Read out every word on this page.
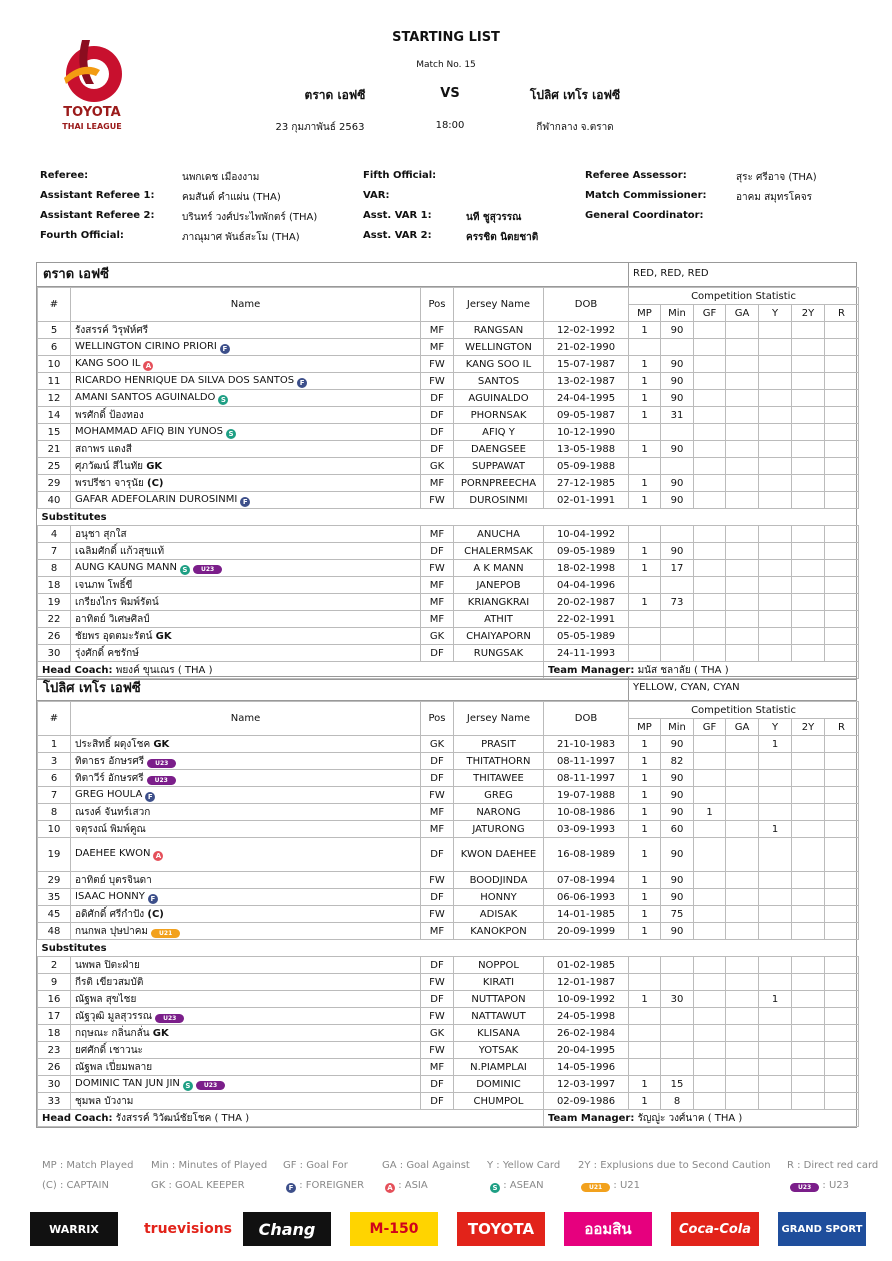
TOYOTA
THAI LEAGUE
STARTING LIST
Match No. 15
ตราด เอฟซี	VS	โปลิศ เทโร เอฟซี
23 กุมภาพันธ์ 2563	18:00	กีฬากลาง จ.ตราด
Referee:	นพกเดช เมืองงาม
Assistant Referee 1:	คมสันต์ คำแผ่น (THA)
Assistant Referee 2:	บรินทร์ วงศ์ประไพพักตร์ (THA)
Fourth Official:	ภาณุมาศ พันธ์สะโม (THA)
Fifth Official:
VAR:
Asst. VAR 1:	นที ชูสุวรรณ
Asst. VAR 2:	ครรชิต นิตยชาติ
Referee Assessor:	สุระ ศรีอาจ (THA)
Match Commissioner:	อาคม สมุทรโคจร
General Coordinator:
ตราด เอฟซี	RED, RED, RED
#	Name	Pos	Jersey Name	DOB	Competition Statistic						
					MP	Min	GF	GA	Y	2Y	R
5	รังสรรค์ วิรุฬห์ศรี	MF	RANGSAN	12-02-1992	1	90					
6	WELLINGTON CIRINO PRIORI F	MF	WELLINGTON	21-02-1990							
10	KANG SOO IL A	FW	KANG SOO IL	15-07-1987	1	90					
11	RICARDO HENRIQUE DA SILVA DOS SANTOS F	FW	SANTOS	13-02-1987	1	90					
12	AMANI SANTOS AGUINALDO S	DF	AGUINALDO	24-04-1995	1	90					
14	พรศักดิ์ ป้องทอง	DF	PHORNSAK	09-05-1987	1	31					
15	MOHAMMAD AFIQ BIN YUNOS S	DF	AFIQ Y	10-12-1990							
21	สถาพร แดงสี	DF	DAENGSEE	13-05-1988	1	90					
25	ศุภวัฒน์ สีไนทัย GK	GK	SUPPAWAT	05-09-1988							
29	พรปรีชา จารุนัย (C)	MF	PORNPREECHA	27-12-1985	1	90					
40	GAFAR ADEFOLARIN DUROSINMI F	FW	DUROSINMI	02-01-1991	1	90					
Substitutes											
4	อนุชา สุกใส	MF	ANUCHA	10-04-1992							
7	เฉลิมศักดิ์ แก้วสุขแท้	DF	CHALERMSAK	09-05-1989	1	90					
8	AUNG KAUNG MANN S U23	FW	A K MANN	18-02-1998	1	17					
18	เจนภพ โพธิ์ขี	MF	JANEPOB	04-04-1996							
19	เกรียงไกร พิมพ์รัตน์	MF	KRIANGKRAI	20-02-1987	1	73					
22	อาทิตย์ วิเศษศิลป์	MF	ATHIT	22-02-1991							
26	ชัยพร อุดตมะรัตน์ GK	GK	CHAIYAPORN	05-05-1989							
30	รุ่งศักดิ์ คชรักษ์	DF	RUNGSAK	24-11-1993							
Head Coach: พยงค์ ขุนเณร ( THA )				Team Manager: มนัส ชลาลัย ( THA )							
โปลิศ เทโร เอฟซี	YELLOW, CYAN, CYAN
#	Name	Pos	Jersey Name	DOB	Competition Statistic						
					MP	Min	GF	GA	Y	2Y	R
1	ประสิทธิ์ ผดุงโชค GK	GK	PRASIT	21-10-1983	1	90			1		
3	ทิตาธร อักษรศรี U23	DF	THITATHORN	08-11-1997	1	82					
6	ทิตาวีร์ อักษรศรี U23	DF	THITAWEE	08-11-1997	1	90					
7	GREG HOULA F	FW	GREG	19-07-1988	1	90					
8	ณรงค์ จันทร์เสวก	MF	NARONG	10-08-1986	1	90	1				
10	จตุรงณ์ พิมพ์คูณ	MF	JATURONG	03-09-1993	1	60			1		
19	DAEHEE KWON A	DF	KWON DAEHEE	16-08-1989	1	90					
29	อาทิตย์ บุตรจินดา	FW	BOODJINDA	07-08-1994	1	90					
35	ISAAC HONNY F	DF	HONNY	06-06-1993	1	90					
45	อดิศักดิ์ ศรีกำปัง (C)	FW	ADISAK	14-01-1985	1	75					
48	กนกพล ปุษปาคม U21	MF	KANOKPON	20-09-1999	1	90					
Substitutes											
2	นพพล ปิตะฝ่าย	DF	NOPPOL	01-02-1985							
9	กีรติ เขียวสมบัติ	FW	KIRATI	12-01-1987							
16	ณัฐพล สุขไชย	DF	NUTTAPON	10-09-1992	1	30			1		
17	ณัฐวุฒิ มูลสุวรรณ U23	FW	NATTAWUT	24-05-1998							
18	กฤษณะ กลิ่นกลั่น GK	GK	KLISANA	26-02-1984							
23	ยศศักดิ์ เชาวนะ	FW	YOTSAK	20-04-1995							
26	ณัฐพล เปี่ยมพลาย	MF	N.PIAMPLAI	14-05-1996							
30	DOMINIC TAN JUN JIN S U23	DF	DOMINIC	12-03-1997	1	15					
33	ชุมพล บัวงาม	DF	CHUMPOL	02-09-1986	1	8					
Head Coach: รังสรรค์ วิวัฒน์ชัยโชค ( THA )				Team Manager: รัญญู่ะ วงศ์นาค ( THA )							
MP : Match Played Min : Minutes of Played GF : Goal For	GA : Goal Against Y : Yellow Card 2Y : Explusions due to Second Caution R : Direct red card
(C) : CAPTAIN	GK : GOAL KEEPER	F : FOREIGNER	A : ASIA	S : ASEAN	U21 : U21	U23 : U23
WARRIX	truevisions	Chang	M-150	TOYOTA	ออมสิน	Coca-Cola	GRAND SPORT
